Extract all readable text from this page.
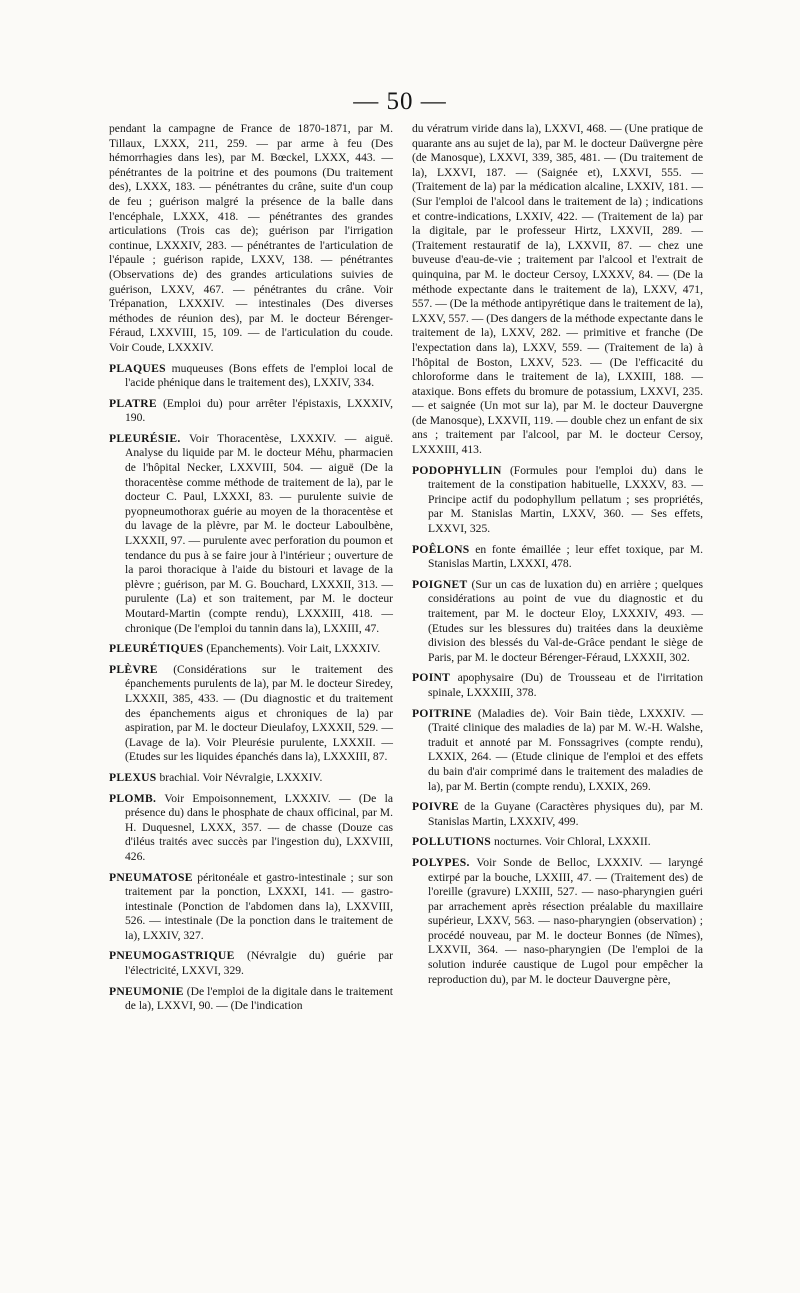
— 50 —

pendant la campagne de France de 1870-1871, par M. Tillaux, LXXX, 211, 259. — par arme à feu (Des hémorrhagies dans les), par M. Bœckel, LXXX, 443. — pénétrantes de la poitrine et des poumons (Du traitement des), LXXX, 183. — pénétrantes du crâne, suite d'un coup de feu ; guérison malgré la présence de la balle dans l'encéphale, LXXX, 418. — pénétrantes des grandes articulations (Trois cas de); guérison par l'irrigation continue, LXXXIV, 283. — pénétrantes de l'articulation de l'épaule ; guérison rapide, LXXV, 138. — pénétrantes (Observations de) des grandes articulations suivies de guérison, LXXV, 467. — pénétrantes du crâne. Voir Trépanation, LXXXIV. — intestinales (Des diverses méthodes de réunion des), par M. le docteur Bérenger-Féraud, LXXVIII, 15, 109. — de l'articulation du coude. Voir Coude, LXXXIV.

PLAQUES muqueuses (Bons effets de l'emploi local de l'acide phénique dans le traitement des), LXXIV, 334.

PLATRE (Emploi du) pour arrêter l'épistaxis, LXXXIV, 190.

PLEURÉSIE. Voir Thoracentèse, LXXXIV. — aiguë. Analyse du liquide par M. le docteur Méhu, pharmacien de l'hôpital Necker, LXXVIII, 504. — aiguë (De la thoracentèse comme méthode de traitement de la), par le docteur C. Paul, LXXXI, 83. — purulente suivie de pyopneumothorax guérie au moyen de la thoracentèse et du lavage de la plèvre, par M. le docteur Laboulbène, LXXXII, 97. — purulente avec perforation du poumon et tendance du pus à se faire jour à l'intérieur ; ouverture de la paroi thoracique à l'aide du bistouri et lavage de la plèvre ; guérison, par M. G. Bouchard, LXXXII, 313. — purulente (La) et son traitement, par M. le docteur Moutard-Martin (compte rendu), LXXXIII, 418. — chronique (De l'emploi du tannin dans la), LXXIII, 47.

PLEURÉTIQUES (Epanchements). Voir Lait, LXXXIV.

PLÈVRE (Considérations sur le traitement des épanchements purulents de la), par M. le docteur Siredey, LXXXII, 385, 433. — (Du diagnostic et du traitement des épanchements aigus et chroniques de la) par aspiration, par M. le docteur Dieulafoy, LXXXII, 529. — (Lavage de la). Voir Pleurésie purulente, LXXXII. — (Etudes sur les liquides épanchés dans la), LXXXIII, 87.

PLEXUS brachial. Voir Névralgie, LXXXIV.

PLOMB. Voir Empoisonnement, LXXXIV. — (De la présence du) dans le phosphate de chaux officinal, par M. H. Duquesnel, LXXX, 357. — de chasse (Douze cas d'iléus traités avec succès par l'ingestion du), LXXVIII, 426.

PNEUMATOSE péritonéale et gastro-intestinale ; sur son traitement par la ponction, LXXXI, 141. — gastro-intestinale (Ponction de l'abdomen dans la), LXXVIII, 526. — intestinale (De la ponction dans le traitement de la), LXXIV, 327.

PNEUMOGASTRIQUE (Névralgie du) guérie par l'électricité, LXXVI, 329.

PNEUMONIE (De l'emploi de la digitale dans le traitement de la), LXXVI, 90. — (De l'indication

du vératrum viride dans la), LXXVI, 468. — (Une pratique de quarante ans au sujet de la), par M. le docteur Daüvergne père (de Manosque), LXXVI, 339, 385, 481. — (Du traitement de la), LXXVI, 187. — (Saignée et), LXXVI, 555. — (Traitement de la) par la médication alcaline, LXXIV, 181. — (Sur l'emploi de l'alcool dans le traitement de la) ; indications et contre-indications, LXXIV, 422. — (Traitement de la) par la digitale, par le professeur Hirtz, LXXVII, 289. — (Traitement restauratif de la), LXXVII, 87. — chez une buveuse d'eau-de-vie ; traitement par l'alcool et l'extrait de quinquina, par M. le docteur Cersoy, LXXXV, 84. — (De la méthode expectante dans le traitement de la), LXXV, 471, 557. — (De la méthode antipyrétique dans le traitement de la), LXXV, 557. — (Des dangers de la méthode expectante dans le traitement de la), LXXV, 282. — primitive et franche (De l'expectation dans la), LXXV, 559. — (Traitement de la) à l'hôpital de Boston, LXXV, 523. — (De l'efficacité du chloroforme dans le traitement de la), LXXIII, 188. — ataxique. Bons effets du bromure de potassium, LXXVI, 235. — et saignée (Un mot sur la), par M. le docteur Dauvergne (de Manosque), LXXVII, 119. — double chez un enfant de six ans ; traitement par l'alcool, par M. le docteur Cersoy, LXXXIII, 413.

PODOPHYLLIN (Formules pour l'emploi du) dans le traitement de la constipation habituelle, LXXXV, 83. — Principe actif du podophyllum pellatum ; ses propriétés, par M. Stanislas Martin, LXXV, 360. — Ses effets, LXXVI, 325.

POÊLONS en fonte émaillée ; leur effet toxique, par M. Stanislas Martin, LXXXI, 478.

POIGNET (Sur un cas de luxation du) en arrière ; quelques considérations au point de vue du diagnostic et du traitement, par M. le docteur Eloy, LXXXIV, 493. — (Etudes sur les blessures du) traitées dans la deuxième division des blessés du Val-de-Grâce pendant le siège de Paris, par M. le docteur Bérenger-Féraud, LXXXII, 302.

POINT apophysaire (Du) de Trousseau et de l'irritation spinale, LXXXIII, 378.

POITRINE (Maladies de). Voir Bain tiède, LXXXIV. — (Traité clinique des maladies de la) par M. W.-H. Walshe, traduit et annoté par M. Fonssagrives (compte rendu), LXXIX, 264. — (Etude clinique de l'emploi et des effets du bain d'air comprimé dans le traitement des maladies de la), par M. Bertin (compte rendu), LXXIX, 269.

POIVRE de la Guyane (Caractères physiques du), par M. Stanislas Martin, LXXXIV, 499.

POLLUTIONS nocturnes. Voir Chloral, LXXXII.

POLYPES. Voir Sonde de Belloc, LXXXIV. — laryngé extirpé par la bouche, LXXIII, 47. — (Traitement des) de l'oreille (gravure) LXXIII, 527. — naso-pharyngien guéri par arrachement après résection préalable du maxillaire supérieur, LXXV, 563. — naso-pharyngien (observation) ; procédé nouveau, par M. le docteur Bonnes (de Nîmes), LXXVII, 364. — naso-pharyngien (De l'emploi de la solution indurée caustique de Lugol pour empêcher la reproduction du), par M. le docteur Dauvergne père,
